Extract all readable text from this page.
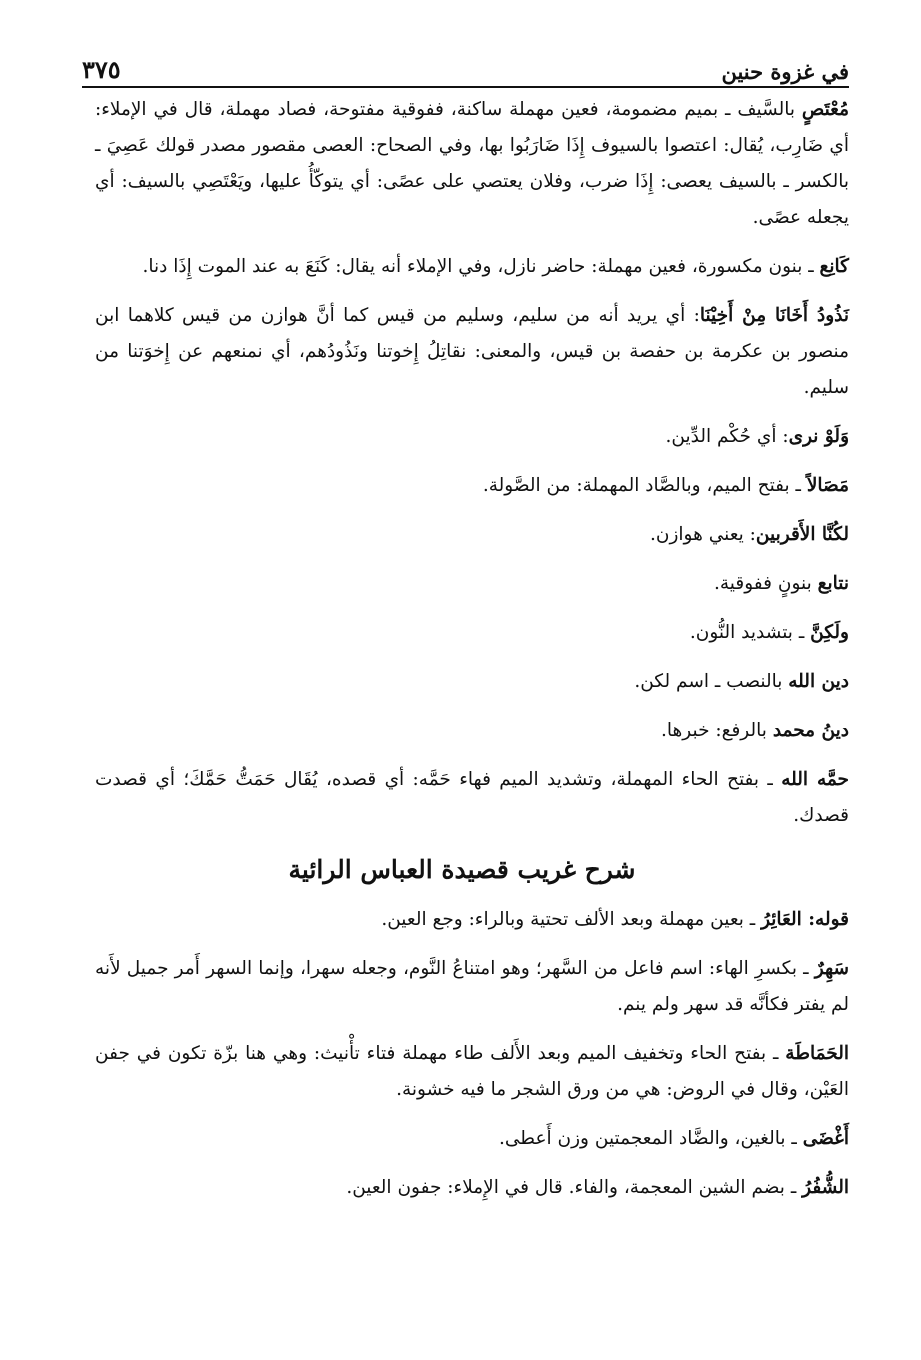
في غزوة حنين
٣٧٥

مُعْتَصٍ بالسَّيف ـ بميم مضمومة، فعين مهملة ساكنة، ففوقية مفتوحة، فصاد مهملة، قال في الإملاء: أي ضَارِب، يُقال: اعتصوا بالسيوف إِذَا ضَارَبُوا بها، وفي الصحاح: العصى مقصور مصدر قولك عَصِيَ ـ بالكسر ـ بالسيف يعصى: إِذَا ضرب، وفلان يعتصي على عصًى: أي يتوكّأُ عليها، ويَعْتَصِي بالسيف: أي يجعله عصًى.

كَانِع ـ بنون مكسورة، فعين مهملة: حاضر نازل، وفي الإملاء أنه يقال: كَنَعَ به عند الموت إِذَا دنا.

نَذُودُ أَخَانَا مِنْ أَخِيْنَا: أي يريد أنه من سليم، وسليم من قيس كما أنَّ هوازن من قيس كلاهما ابن منصور بن عكرمة بن حفصة بن قيس، والمعنى: نقاتِلُ إِخوتنا ونَذُودُهم، أي نمنعهم عن إِخوَتنا من سليم.

وَلَوْ نرى: أي حُكْم الدِّين.

مَصَالاً ـ بفتح الميم، وبالصَّاد المهملة: من الصَّولة.

لكُنَّا الأَقربين: يعني هوازن.

نتابع بنونٍ ففوقية.

ولَكِنَّ ـ بتشديد النُّون.

دين الله بالنصب ـ اسم لكن.

دينُ محمد بالرفع: خبرها.

حمَّه الله ـ بفتح الحاء المهملة، وتشديد الميم فهاء حَمَّه: أي قصده، يُقَال حَمَتُّ حَمَّكَ؛ أي قصدت قصدك.

شرح غريب قصيدة العباس الرائية

قوله: العَائِرُ ـ بعين مهملة وبعد الألف تحتية وبالراء: وجع العين.

سَهِرٌ ـ بكسرِ الهاء: اسم فاعل من السَّهر؛ وهو امتناعُ النَّوم، وجعله سهرا، وإنما السهر أَمر جميل لأَنه لم يفتر فكأنَّه قد سهر ولم ينم.

الحَمَاطَة ـ بفتح الحاء وتخفيف الميم وبعد الأَلف طاء مهملة فتاء تأْنيث: وهي هنا بزّة تكون في جفن العَيْن، وقال في الروض: هي من ورق الشجر ما فيه خشونة.

أَغْضَى ـ بالغين، والضَّاد المعجمتين وزن أَعطى.

الشُّفُرُ ـ بضم الشين المعجمة، والفاء. قال في الإِملاء: جفون العين.
